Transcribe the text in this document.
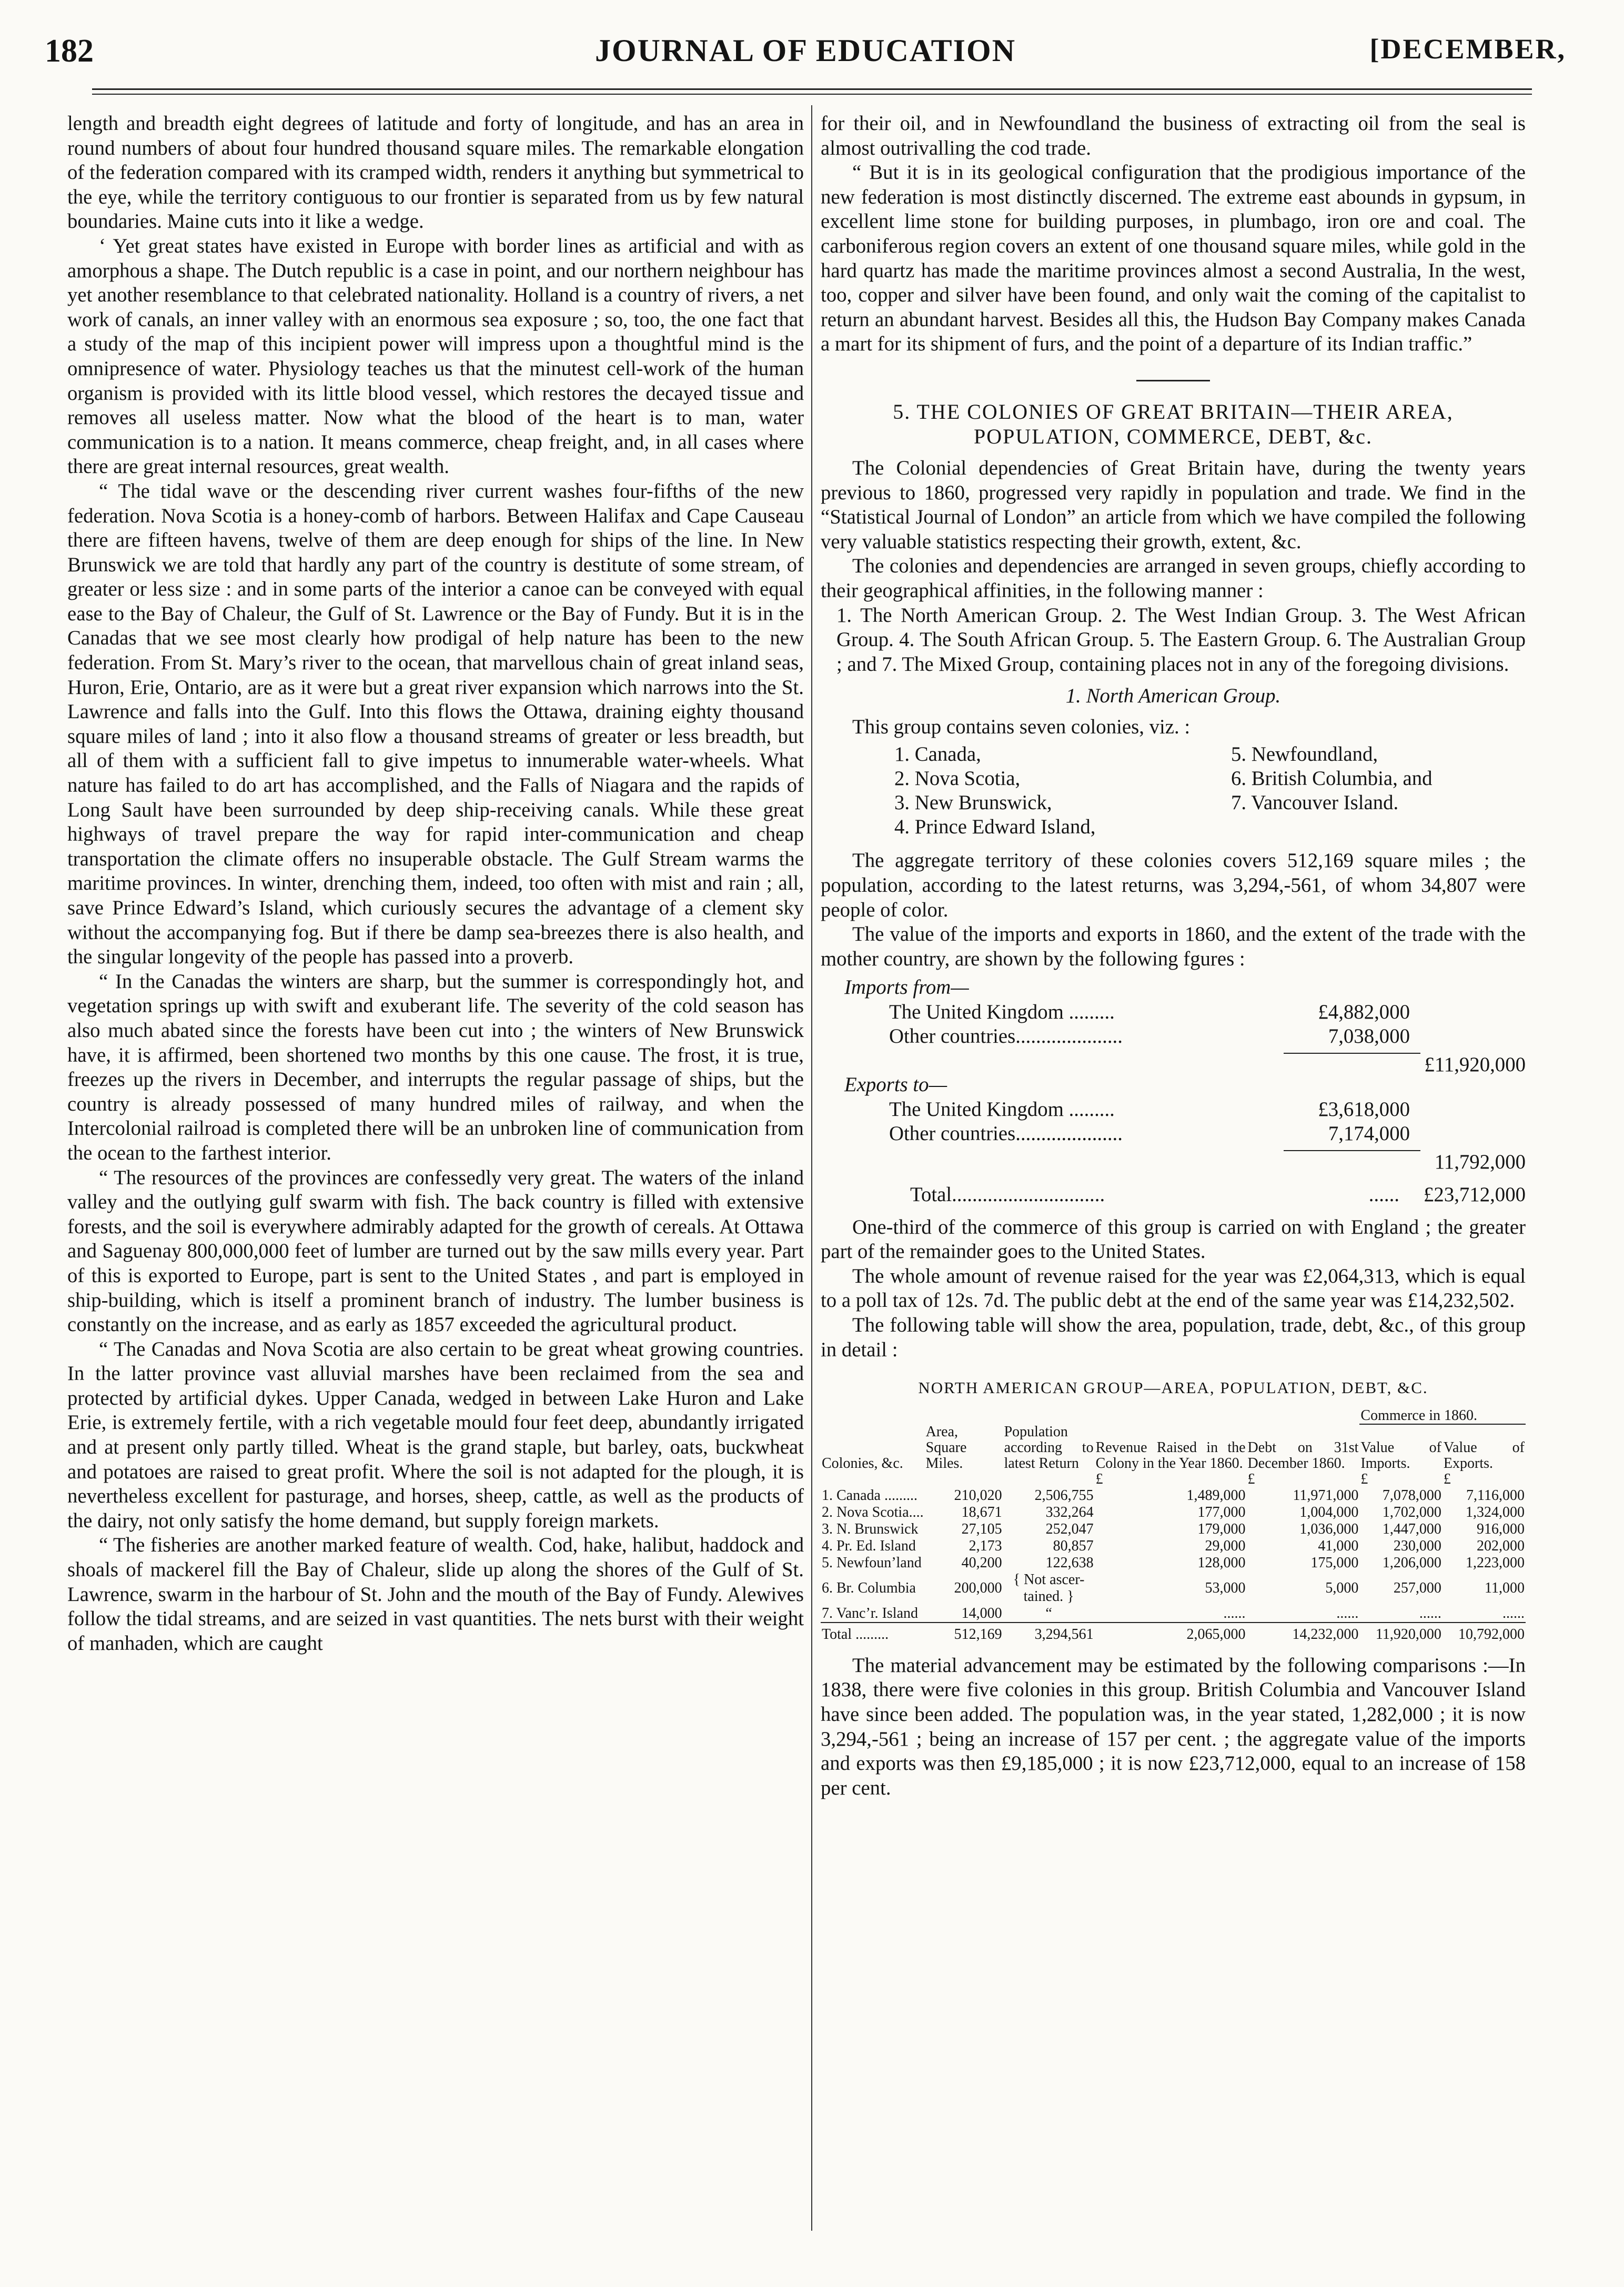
182	JOURNAL OF EDUCATION	[DECEMBER,

length and breadth eight degrees of latitude and forty of longitude, and has an area in round numbers of about four hundred thousand square miles. The remarkable elongation of the federation compared with its cramped width, renders it anything but symmetrical to the eye, while the territory contiguous to our frontier is separated from us by few natural boundaries. Maine cuts into it like a wedge.

‘ Yet great states have existed in Europe with border lines as artificial and with as amorphous a shape. The Dutch republic is a case in point, and our northern neighbour has yet another resemblance to that celebrated nationality. Holland is a country of rivers, a net work of canals, an inner valley with an enormous sea exposure ; so, too, the one fact that a study of the map of this incipient power will impress upon a thoughtful mind is the omnipresence of water. Physiology teaches us that the minutest cell-work of the human organism is provided with its little blood vessel, which restores the decayed tissue and removes all useless matter. Now what the blood of the heart is to man, water communication is to a nation. It means commerce, cheap freight, and, in all cases where there are great internal resources, great wealth.

“ The tidal wave or the descending river current washes four-fifths of the new federation. Nova Scotia is a honey-comb of harbors. Between Halifax and Cape Causeau there are fifteen havens, twelve of them are deep enough for ships of the line. In New Brunswick we are told that hardly any part of the country is destitute of some stream, of greater or less size : and in some parts of the interior a canoe can be conveyed with equal ease to the Bay of Chaleur, the Gulf of St. Lawrence or the Bay of Fundy. But it is in the Canadas that we see most clearly how prodigal of help nature has been to the new federation. From St. Mary’s river to the ocean, that marvellous chain of great inland seas, Huron, Erie, Ontario, are as it were but a great river expansion which narrows into the St. Lawrence and falls into the Gulf. Into this flows the Ottawa, draining eighty thousand square miles of land ; into it also flow a thousand streams of greater or less breadth, but all of them with a sufficient fall to give impetus to innumerable water-wheels. What nature has failed to do art has accomplished, and the Falls of Niagara and the rapids of Long Sault have been surrounded by deep ship-receiving canals. While these great highways of travel prepare the way for rapid inter-communication and cheap transportation the climate offers no insuperable obstacle. The Gulf Stream warms the maritime provinces. In winter, drenching them, indeed, too often with mist and rain ; all, save Prince Edward’s Island, which curiously secures the advantage of a clement sky without the accompanying fog. But if there be damp sea-breezes there is also health, and the singular longevity of the people has passed into a proverb.

“ In the Canadas the winters are sharp, but the summer is correspondingly hot, and vegetation springs up with swift and exuberant life. The severity of the cold season has also much abated since the forests have been cut into ; the winters of New Brunswick have, it is affirmed, been shortened two months by this one cause. The frost, it is true, freezes up the rivers in December, and interrupts the regular passage of ships, but the country is already possessed of many hundred miles of railway, and when the Intercolonial railroad is completed there will be an unbroken line of communication from the ocean to the farthest interior.

“ The resources of the provinces are confessedly very great. The waters of the inland valley and the outlying gulf swarm with fish. The back country is filled with extensive forests, and the soil is everywhere admirably adapted for the growth of cereals. At Ottawa and Saguenay 800,000,000 feet of lumber are turned out by the saw mills every year. Part of this is exported to Europe, part is sent to the United States , and part is employed in ship-building, which is itself a prominent branch of industry. The lumber business is constantly on the increase, and as early as 1857 exceeded the agricultural product.

“ The Canadas and Nova Scotia are also certain to be great wheat growing countries. In the latter province vast alluvial marshes have been reclaimed from the sea and protected by artificial dykes. Upper Canada, wedged in between Lake Huron and Lake Erie, is extremely fertile, with a rich vegetable mould four feet deep, abundantly irrigated and at present only partly tilled. Wheat is the grand staple, but barley, oats, buckwheat and potatoes are raised to great profit. Where the soil is not adapted for the plough, it is nevertheless excellent for pasturage, and horses, sheep, cattle, as well as the products of the dairy, not only satisfy the home demand, but supply foreign markets.

“ The fisheries are another marked feature of wealth. Cod, hake, halibut, haddock and shoals of mackerel fill the Bay of Chaleur, slide up along the shores of the Gulf of St. Lawrence, swarm in the harbour of St. John and the mouth of the Bay of Fundy. Alewives follow the tidal streams, and are seized in vast quantities. The nets burst with their weight of manhaden, which are caught

for their oil, and in Newfoundland the business of extracting oil from the seal is almost outrivalling the cod trade.

“ But it is in its geological configuration that the prodigious importance of the new federation is most distinctly discerned. The extreme east abounds in gypsum, in excellent lime stone for building purposes, in plumbago, iron ore and coal. The carboniferous region covers an extent of one thousand square miles, while gold in the hard quartz has made the maritime provinces almost a second Australia, In the west, too, copper and silver have been found, and only wait the coming of the capitalist to return an abundant harvest. Besides all this, the Hudson Bay Company makes Canada a mart for its shipment of furs, and the point of a departure of its Indian traffic.”

5. THE COLONIES OF GREAT BRITAIN—THEIR AREA, POPULATION, COMMERCE, DEBT, &c.

The Colonial dependencies of Great Britain have, during the twenty years previous to 1860, progressed very rapidly in population and trade. We find in the “Statistical Journal of London” an article from which we have compiled the following very valuable statistics respecting their growth, extent, &c.

The colonies and dependencies are arranged in seven groups, chiefly according to their geographical affinities, in the following manner :

1. The North American Group. 2. The West Indian Group. 3. The West African Group. 4. The South African Group. 5. The Eastern Group. 6. The Australian Group ; and 7. The Mixed Group, containing places not in any of the foregoing divisions.

1. North American Group.

This group contains seven colonies, viz. :

1. Canada,	5. Newfoundland,
2. Nova Scotia,	6. British Columbia, and
3. New Brunswick,	7. Vancouver Island.
4. Prince Edward Island,

The aggregate territory of these colonies covers 512,169 square miles ; the population, according to the latest returns, was 3,294,-561, of whom 34,807 were people of color.

The value of the imports and exports in 1860, and the extent of the trade with the mother country, are shown by the following fgures :

Imports from—
The United Kingdom .........	£4,882,000
Other countries.....................	7,038,000
£11,920,000
Exports to—
The United Kingdom .........	£3,618,000
Other countries.....................	7,174,000
11,792,000
Total..............................	...... £23,712,000

One-third of the commerce of this group is carried on with England ; the greater part of the remainder goes to the United States.

The whole amount of revenue raised for the year was £2,064,313, which is equal to a poll tax of 12s. 7d. The public debt at the end of the same year was £14,232,502.

The following table will show the area, population, trade, debt, &c., of this group in detail :

NORTH AMERICAN GROUP—AREA, POPULATION, DEBT, &C.
					Commerce in 1860.	
Colonies, &c.	Area, Square Miles.	Population according to latest Return	Revenue Raised in the Colony in the Year 1860.	Debt on 31st December 1860.	Value of Imports.	Value of Exports.
			£	£	£	£
1. Canada .........	210,020	2,506,755	1,489,000	11,971,000	7,078,000	7,116,000
2. Nova Scotia....	18,671	332,264	177,000	1,004,000	1,702,000	1,324,000
3. N. Brunswick	27,105	252,047	179,000	1,036,000	1,447,000	916,000
4. Pr. Ed. Island	2,173	80,857	29,000	41,000	230,000	202,000
5. Newfoun’land	40,200	122,638	128,000	175,000	1,206,000	1,223,000
6. Br. Columbia	200,000	{ Not ascer- tained. }	53,000	5,000	257,000	11,000
7. Vanc’r. Island	14,000	“	......	......	......	......
Total .........	512,169	3,294,561	2,065,000	14,232,000	11,920,000	10,792,000

The material advancement may be estimated by the following comparisons :—In 1838, there were five colonies in this group. British Columbia and Vancouver Island have since been added. The population was, in the year stated, 1,282,000 ; it is now 3,294,-561 ; being an increase of 157 per cent. ; the aggregate value of the imports and exports was then £9,185,000 ; it is now £23,712,000, equal to an increase of 158 per cent.
